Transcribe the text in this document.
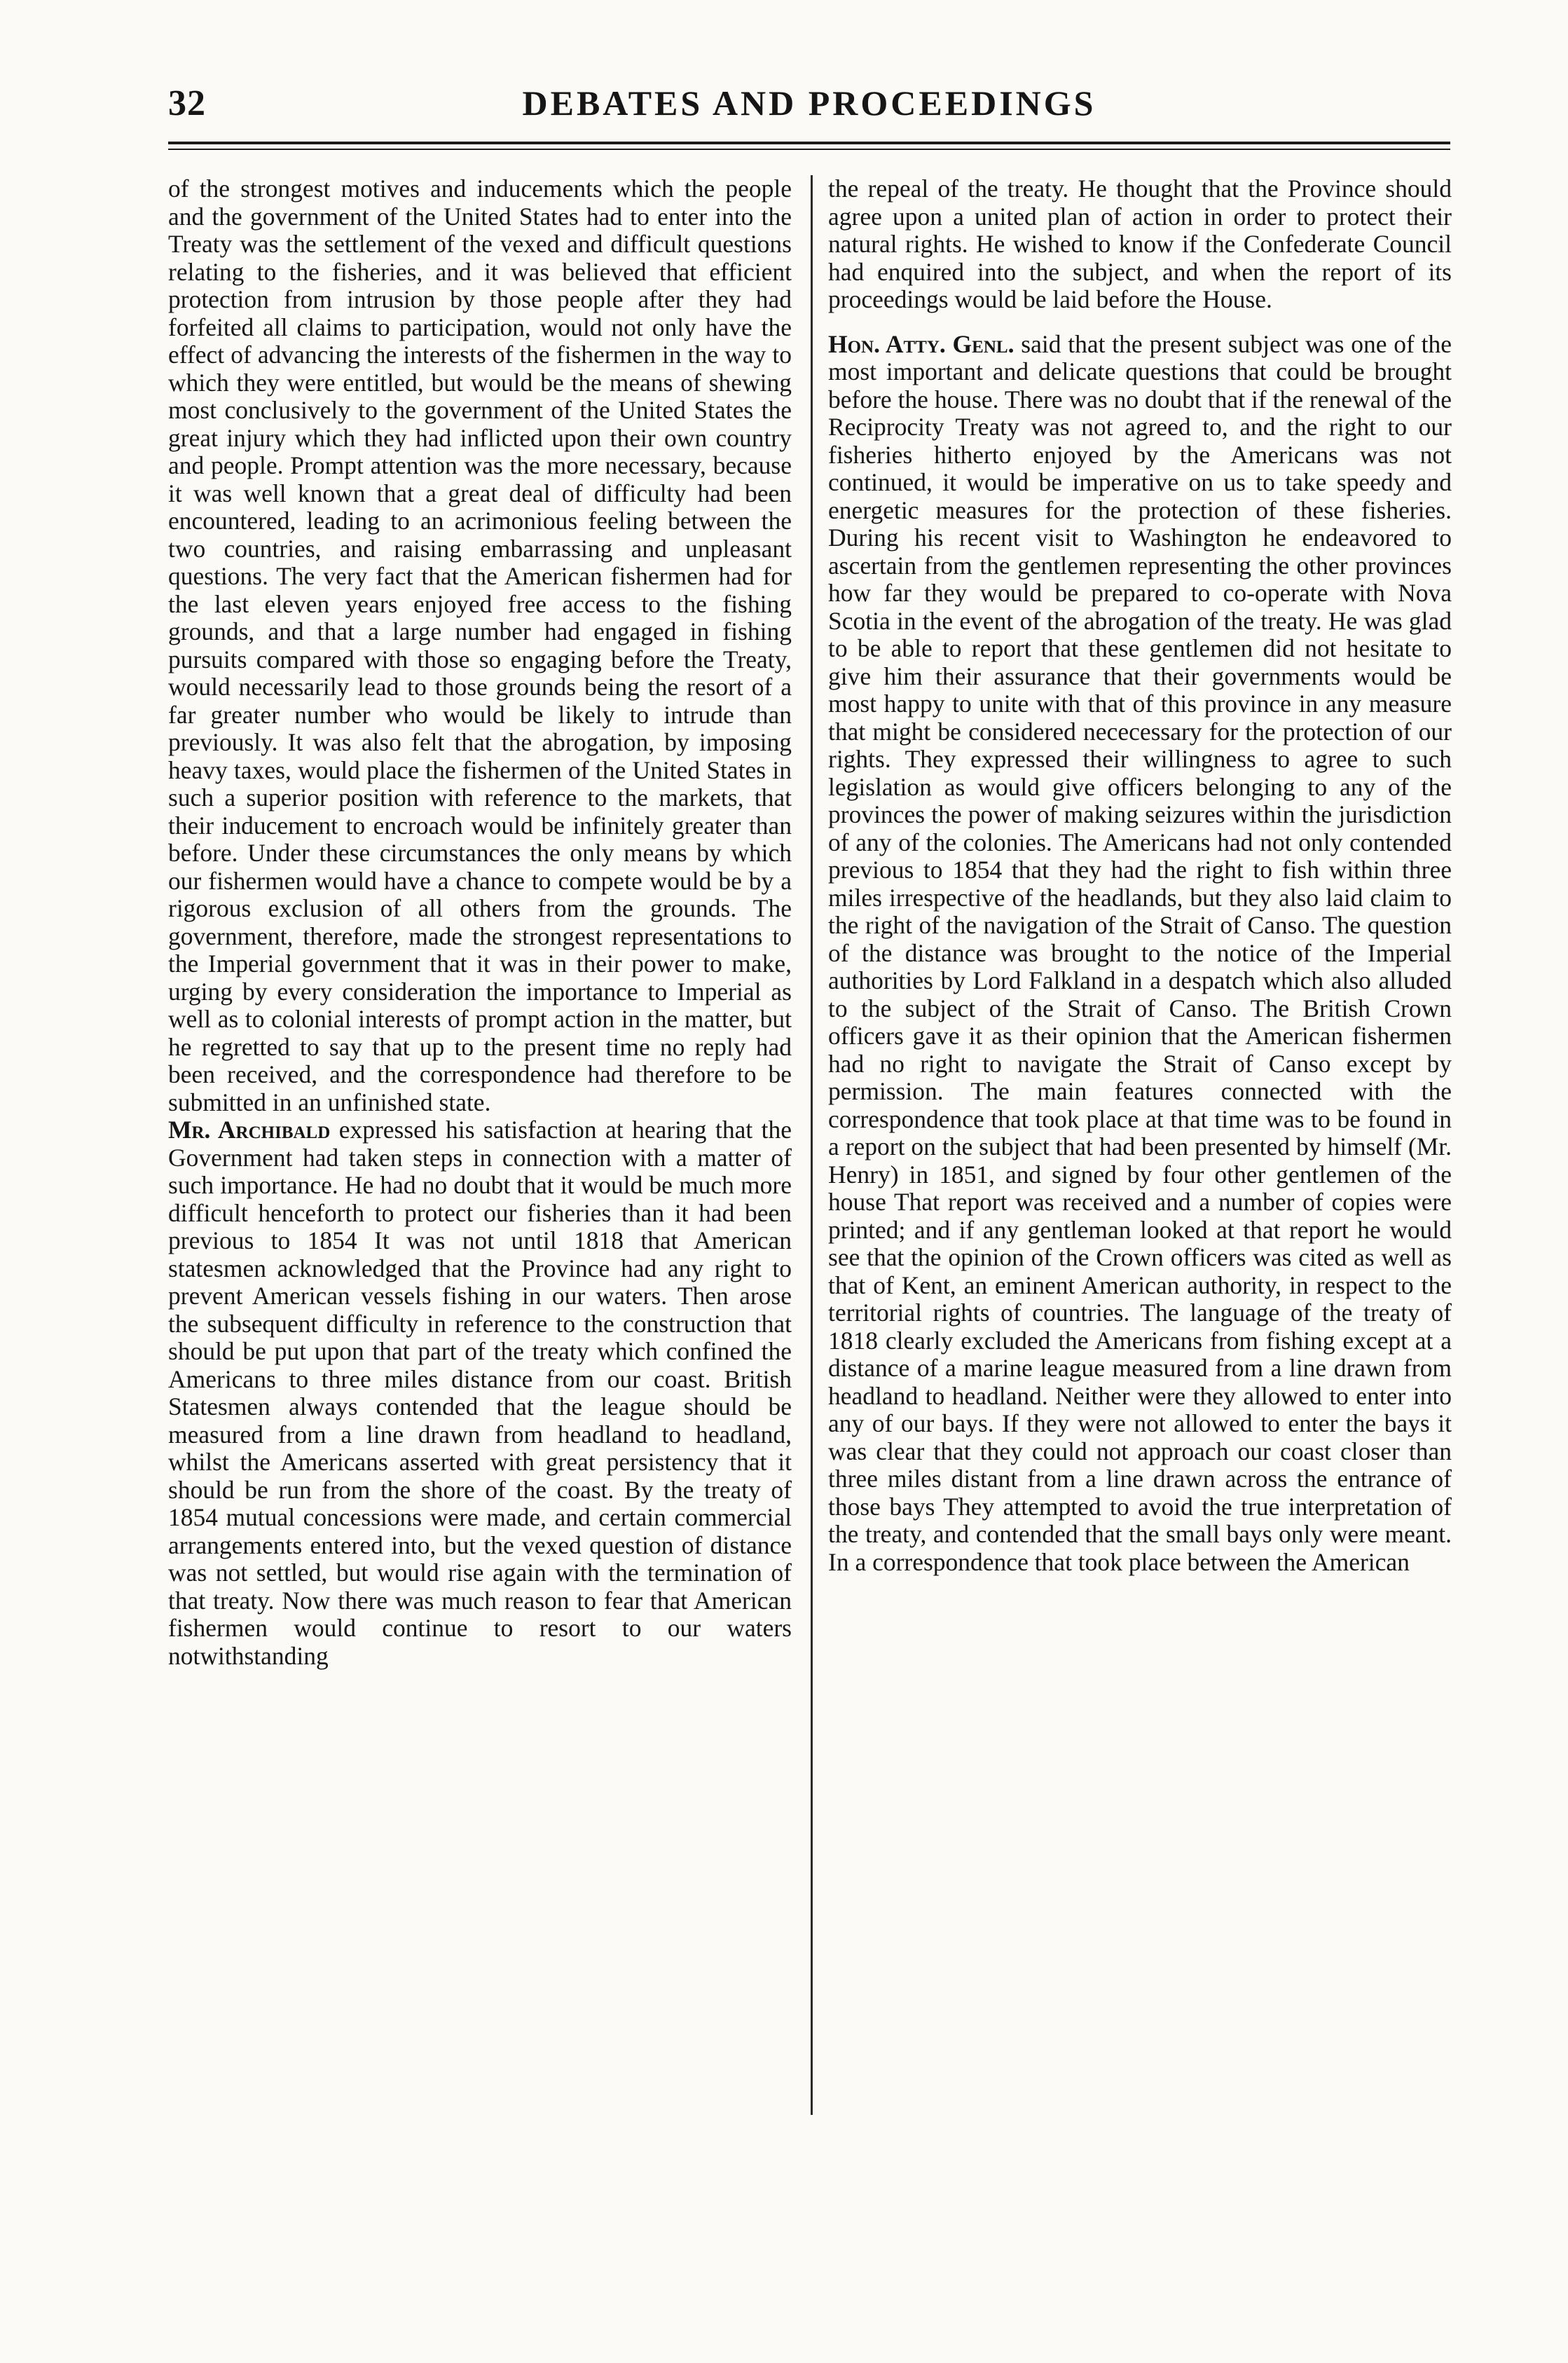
32	DEBATES AND PROCEEDINGS

of the strongest motives and inducements which the people and the government of the United States had to enter into the Treaty was the settlement of the vexed and difficult questions relating to the fisheries, and it was believed that efficient protection from intrusion by those people after they had forfeited all claims to participation, would not only have the effect of advancing the interests of the fishermen in the way to which they were entitled, but would be the means of shewing most conclusively to the government of the United States the great injury which they had inflicted upon their own country and people. Prompt attention was the more necessary, because it was well known that a great deal of difficulty had been encountered, leading to an acrimonious feeling between the two countries, and raising embarrassing and unpleasant questions. The very fact that the American fishermen had for the last eleven years enjoyed free access to the fishing grounds, and that a large number had engaged in fishing pursuits compared with those so engaging before the Treaty, would necessarily lead to those grounds being the resort of a far greater number who would be likely to intrude than previously. It was also felt that the abrogation, by imposing heavy taxes, would place the fishermen of the United States in such a superior position with reference to the markets, that their inducement to encroach would be infinitely greater than before. Under these circumstances the only means by which our fishermen would have a chance to compete would be by a rigorous exclusion of all others from the grounds. The government, therefore, made the strongest representations to the Imperial government that it was in their power to make, urging by every consideration the importance to Imperial as well as to colonial interests of prompt action in the matter, but he regretted to say that up to the present time no reply had been received, and the correspondence had therefore to be submitted in an unfinished state.

Mr. Archibald expressed his satisfaction at hearing that the Government had taken steps in connection with a matter of such importance. He had no doubt that it would be much more difficult henceforth to protect our fisheries than it had been previous to 1854 It was not until 1818 that American statesmen acknowledged that the Province had any right to prevent American vessels fishing in our waters. Then arose the subsequent difficulty in reference to the construction that should be put upon that part of the treaty which confined the Americans to three miles distance from our coast. British Statesmen always contended that the league should be measured from a line drawn from headland to headland, whilst the Americans asserted with great persistency that it should be run from the shore of the coast. By the treaty of 1854 mutual concessions were made, and certain commercial arrangements entered into, but the vexed question of distance was not settled, but would rise again with the termination of that treaty. Now there was much reason to fear that American fishermen would continue to resort to our waters notwithstanding

the repeal of the treaty. He thought that the Province should agree upon a united plan of action in order to protect their natural rights. He wished to know if the Confederate Council had enquired into the subject, and when the report of its proceedings would be laid before the House.

Hon. Atty. Genl. said that the present subject was one of the most important and delicate questions that could be brought before the house. There was no doubt that if the renewal of the Reciprocity Treaty was not agreed to, and the right to our fisheries hitherto enjoyed by the Americans was not continued, it would be imperative on us to take speedy and energetic measures for the protection of these fisheries. During his recent visit to Washington he endeavored to ascertain from the gentlemen representing the other provinces how far they would be prepared to co-operate with Nova Scotia in the event of the abrogation of the treaty. He was glad to be able to report that these gentlemen did not hesitate to give him their assurance that their governments would be most happy to unite with that of this province in any measure that might be considered nececessary for the protection of our rights. They expressed their willingness to agree to such legislation as would give officers belonging to any of the provinces the power of making seizures within the jurisdiction of any of the colonies. The Americans had not only contended previous to 1854 that they had the right to fish within three miles irrespective of the headlands, but they also laid claim to the right of the navigation of the Strait of Canso. The question of the distance was brought to the notice of the Imperial authorities by Lord Falkland in a despatch which also alluded to the subject of the Strait of Canso. The British Crown officers gave it as their opinion that the American fishermen had no right to navigate the Strait of Canso except by permission. The main features connected with the correspondence that took place at that time was to be found in a report on the subject that had been presented by himself (Mr. Henry) in 1851, and signed by four other gentlemen of the house That report was received and a number of copies were printed; and if any gentleman looked at that report he would see that the opinion of the Crown officers was cited as well as that of Kent, an eminent American authority, in respect to the territorial rights of countries. The language of the treaty of 1818 clearly excluded the Americans from fishing except at a distance of a marine league measured from a line drawn from headland to headland. Neither were they allowed to enter into any of our bays. If they were not allowed to enter the bays it was clear that they could not approach our coast closer than three miles distant from a line drawn across the entrance of those bays They attempted to avoid the true interpretation of the treaty, and contended that the small bays only were meant. In a correspondence that took place between the American
